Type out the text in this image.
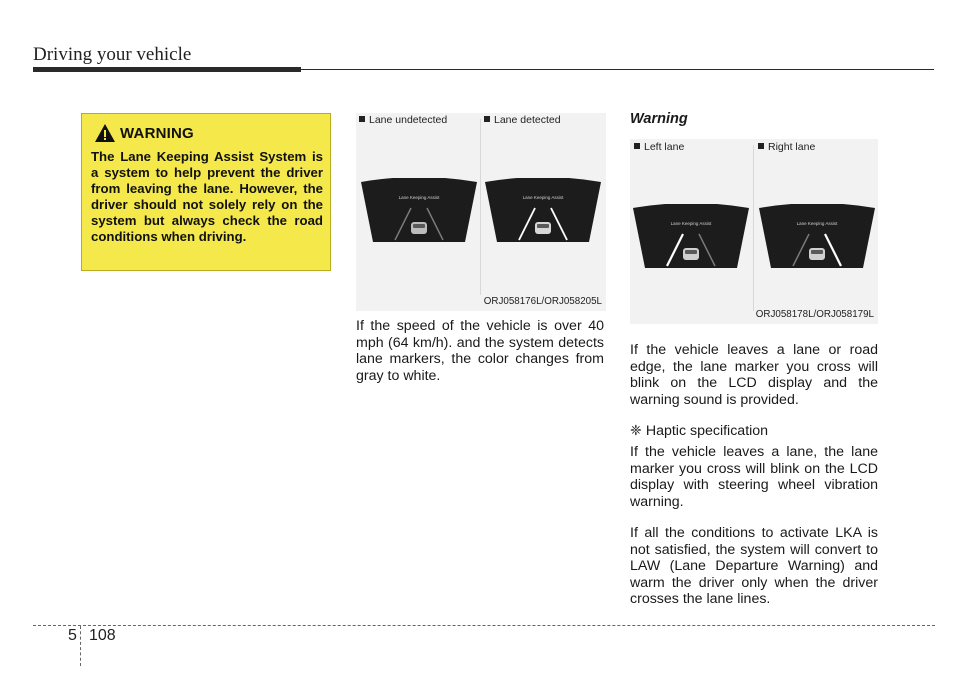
Driving your vehicle
WARNING
The Lane Keeping Assist System is a system to help prevent the driver from leaving the lane. However, the driver should not solely rely on the system but always check the road conditions when driving.
Lane undetected	Lane detected
Lane Keeping Assist	Lane Keeping Assist
ORJ058176L/ORJ058205L
If the speed of the vehicle is over 40 mph (64 km/h). and the system detects lane markers, the color changes from gray to white.
Warning
Left lane	Right lane
Lane Keeping Assist	Lane Keeping Assist
ORJ058178L/ORJ058179L
If the vehicle leaves a lane or road edge, the lane marker you cross will blink on the LCD display and the warning sound is provided.
❈ Haptic specification
If the vehicle leaves a lane, the lane marker you cross will blink on the LCD display with steering wheel vibration warning.
If all the conditions to activate LKA is not satisfied, the system will convert to LAW (Lane Departure Warning) and warm the driver only when the driver crosses the lane lines.
5 108
